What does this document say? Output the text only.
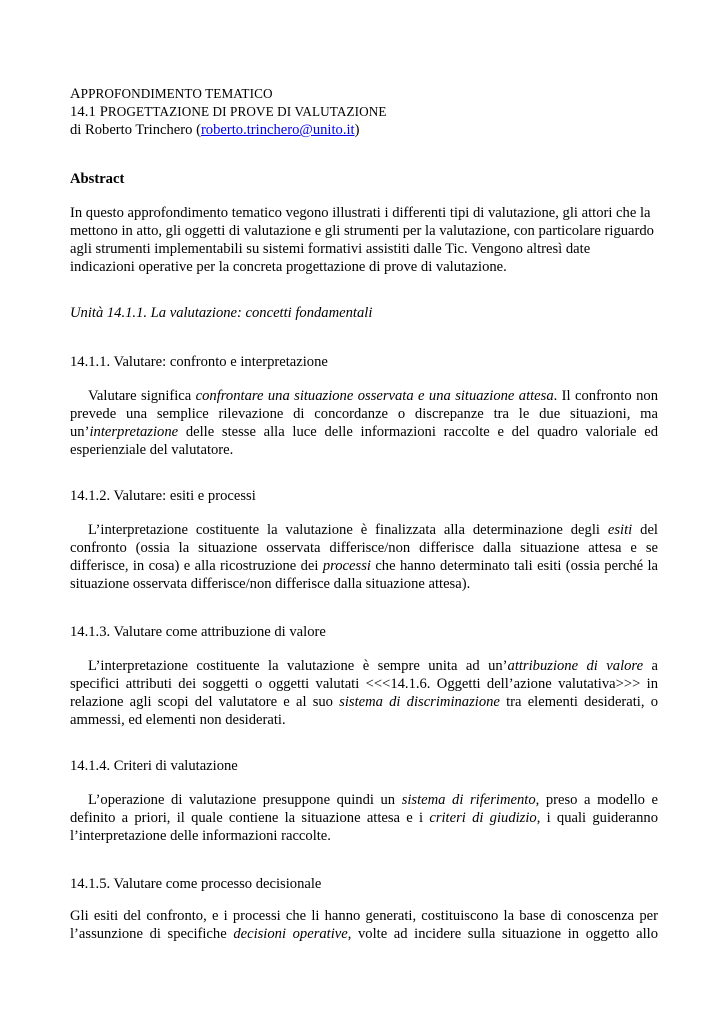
APPROFONDIMENTO TEMATICO
14.1 PROGETTAZIONE DI PROVE DI VALUTAZIONE
di Roberto Trinchero (roberto.trinchero@unito.it)
Abstract
In questo approfondimento tematico vegono illustrati i differenti tipi di valutazione, gli attori che la
mettono in atto, gli oggetti di valutazione e gli strumenti per la valutazione, con particolare riguardo
agli strumenti implementabili su sistemi formativi assistiti dalle Tic. Vengono altresì date
indicazioni operative per la concreta progettazione di prove di valutazione.
Unità 14.1.1. La valutazione: concetti fondamentali
14.1.1. Valutare: confronto e interpretazione
Valutare significa confrontare una situazione osservata e una situazione attesa. Il confronto non
prevede una semplice rilevazione di concordanze o discrepanze tra le due situazioni, ma
un’interpretazione delle stesse alla luce delle informazioni raccolte e del quadro valoriale ed
esperienziale del valutatore.
14.1.2. Valutare: esiti e processi
L’interpretazione costituente la valutazione è finalizzata alla determinazione degli esiti del
confronto (ossia la situazione osservata differisce/non differisce dalla situazione attesa e se
differisce, in cosa) e alla ricostruzione dei processi che hanno determinato tali esiti (ossia perché la
situazione osservata differisce/non differisce dalla situazione attesa).
14.1.3. Valutare come attribuzione di valore
L’interpretazione costituente la valutazione è sempre unita ad un’attribuzione di valore a
specifici attributi dei soggetti o oggetti valutati <<<14.1.6. Oggetti dell’azione valutativa>>> in
relazione agli scopi del valutatore e al suo sistema di discriminazione tra elementi desiderati, o
ammessi, ed elementi non desiderati.
14.1.4. Criteri di valutazione
L’operazione di valutazione presuppone quindi un sistema di riferimento, preso a modello e
definito a priori, il quale contiene la situazione attesa e i criteri di giudizio, i quali guideranno
l’interpretazione delle informazioni raccolte.
14.1.5. Valutare come processo decisionale
Gli esiti del confronto, e i processi che li hanno generati, costituiscono la base di conoscenza per
l’assunzione di specifiche decisioni operative, volte ad incidere sulla situazione in oggetto allo
